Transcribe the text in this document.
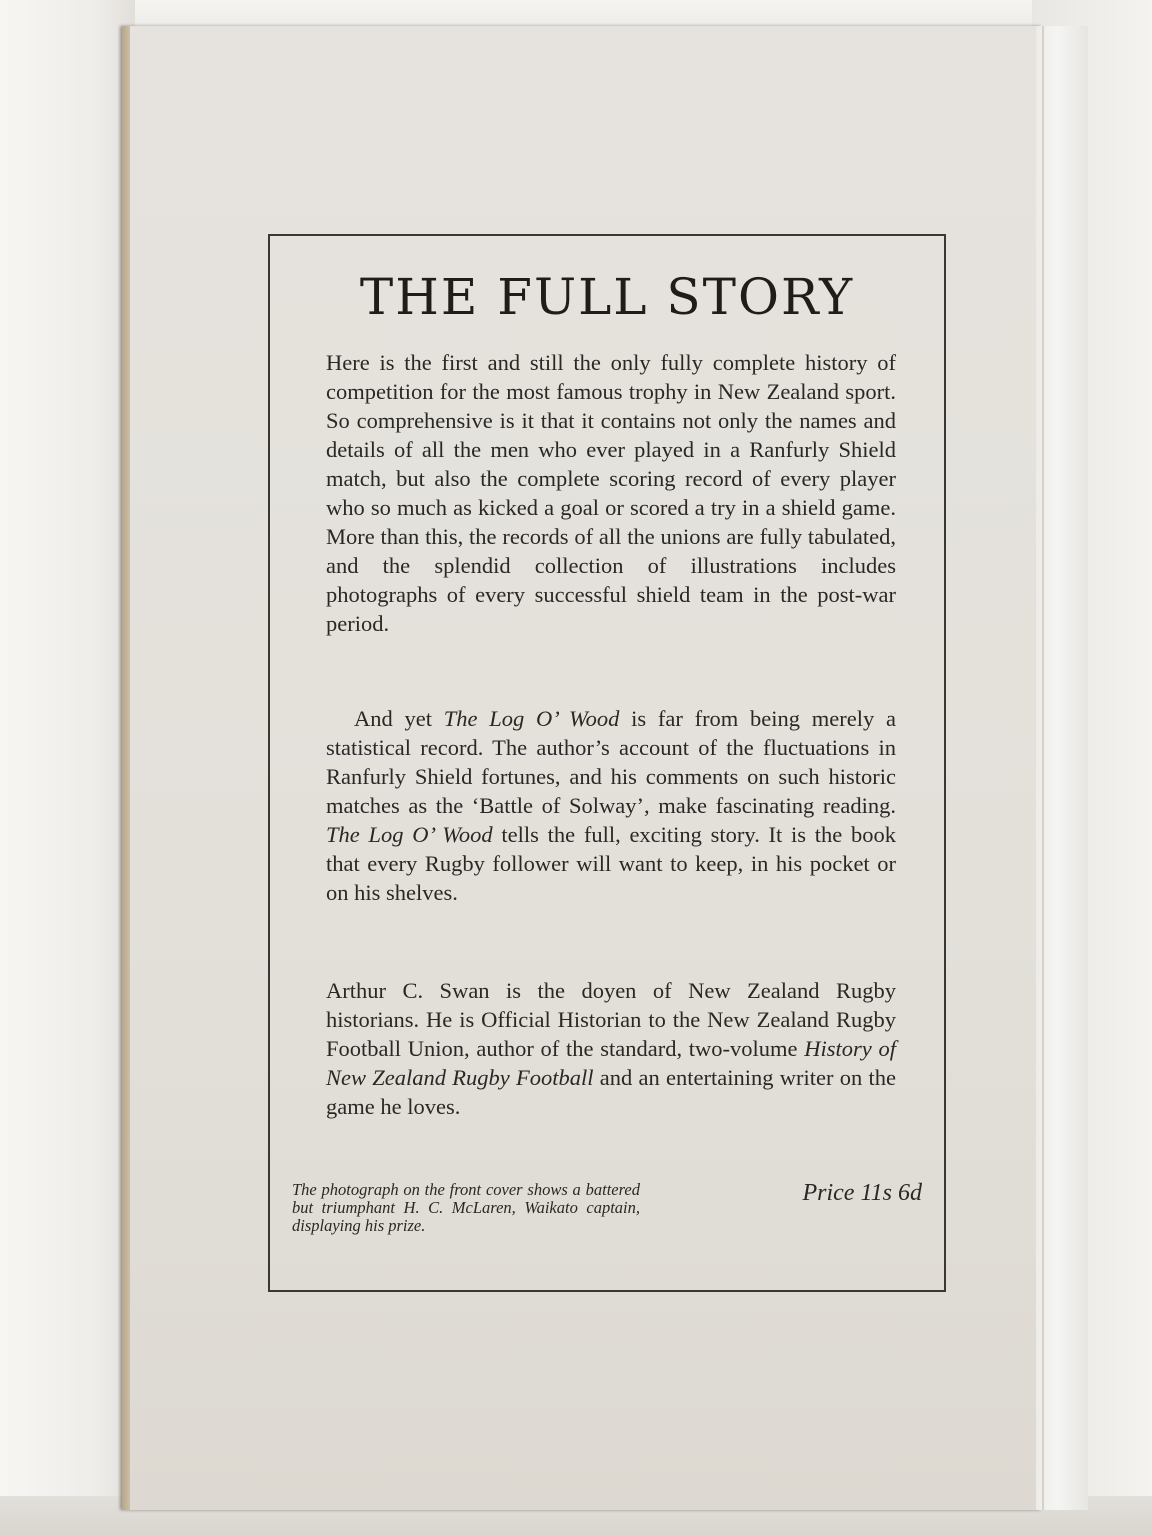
THE FULL STORY

Here is the first and still the only fully complete history of competition for the most famous trophy in New Zealand sport. So comprehensive is it that it contains not only the names and details of all the men who ever played in a Ranfurly Shield match, but also the complete scoring record of every player who so much as kicked a goal or scored a try in a shield game. More than this, the records of all the unions are fully tabulated, and the splendid collection of illustrations includes photographs of every successful shield team in the post-war period.

And yet The Log O’ Wood is far from being merely a statistical record. The author’s account of the fluctuations in Ranfurly Shield fortunes, and his comments on such historic matches as the ‘Battle of Solway’, make fascinating reading. The Log O’ Wood tells the full, exciting story. It is the book that every Rugby follower will want to keep, in his pocket or on his shelves.

Arthur C. Swan is the doyen of New Zealand Rugby historians. He is Official Historian to the New Zealand Rugby Football Union, author of the standard, two-volume History of New Zealand Rugby Football and an entertaining writer on the game he loves.

The photograph on the front cover shows a battered but triumphant H. C. McLaren, Waikato captain, displaying his prize.

Price 11s 6d
